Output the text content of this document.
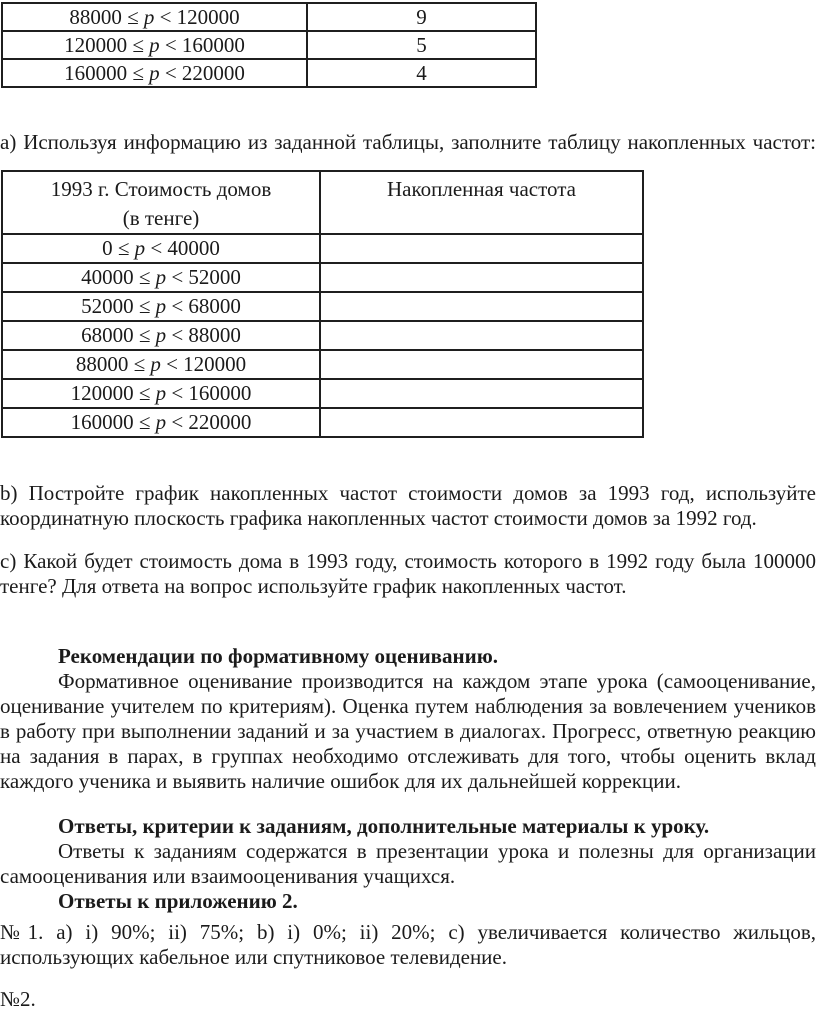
88000 ≤ p < 120000	9
120000 ≤ p < 160000	5
160000 ≤ p < 220000	4

а) Используя информацию из заданной таблицы, заполните таблицу накопленных частот:

1993 г. Стоимость домов
(в тенге)	Накопленная частота
0 ≤ p < 40000	
40000 ≤ p < 52000	
52000 ≤ p < 68000	
68000 ≤ p < 88000	
88000 ≤ p < 120000	
120000 ≤ p < 160000	
160000 ≤ p < 220000	
b) Постройте график накопленных частот стоимости домов за 1993 год, используйте
координатную плоскость графика накопленных частот стоимости домов за 1992 год.
с) Какой будет стоимость дома в 1993 году, стоимость которого в 1992 году была 100000
тенге? Для ответа на вопрос используйте график накопленных частот.
Рекомендации по формативному оцениванию.
Формативное оценивание производится на каждом этапе урока (самооценивание,
оценивание учителем по критериям). Оценка путем наблюдения за вовлечением учеников
в работу при выполнении заданий и за участием в диалогах. Прогресс, ответную реакцию
на задания в парах, в группах необходимо отслеживать для того, чтобы оценить вклад
каждого ученика и выявить наличие ошибок для их дальнейшей коррекции.
Ответы, критерии к заданиям, дополнительные материалы к уроку.
Ответы к заданиям содержатся в презентации урока и полезны для организации
самооценивания или взаимооценивания учащихся.
Ответы к приложению 2.
№1. а) i) 90%; ii) 75%; b) i) 0%; ii) 20%; с) увеличивается количество жильцов,
использующих кабельное или спутниковое телевидение.
№2.
